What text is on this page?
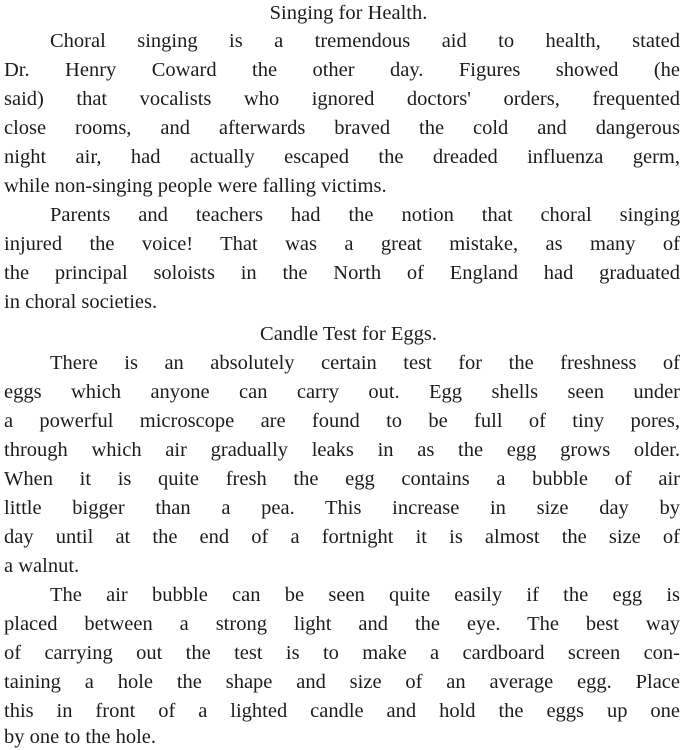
Singing for Health.
Choral singing is a tremendous aid to health, stated
Dr. Henry Coward the other day. Figures showed (he
said) that vocalists who ignored doctors' orders, frequented
close rooms, and afterwards braved the cold and dangerous
night air, had actually escaped the dreaded influenza germ,
while non-singing people were falling victims.
Parents and teachers had the notion that choral singing
injured the voice! That was a great mistake, as many of
the principal soloists in the North of England had graduated
in choral societies.
Candle Test for Eggs.
There is an absolutely certain test for the freshness of
eggs which anyone can carry out. Egg shells seen under
a powerful microscope are found to be full of tiny pores,
through which air gradually leaks in as the egg grows older.
When it is quite fresh the egg contains a bubble of air
little bigger than a pea. This increase in size day by
day until at the end of a fortnight it is almost the size of
a walnut.
The air bubble can be seen quite easily if the egg is
placed between a strong light and the eye. The best way
of carrying out the test is to make a cardboard screen con-
taining a hole the shape and size of an average egg. Place
this in front of a lighted candle and hold the eggs up one
by one to the hole.
